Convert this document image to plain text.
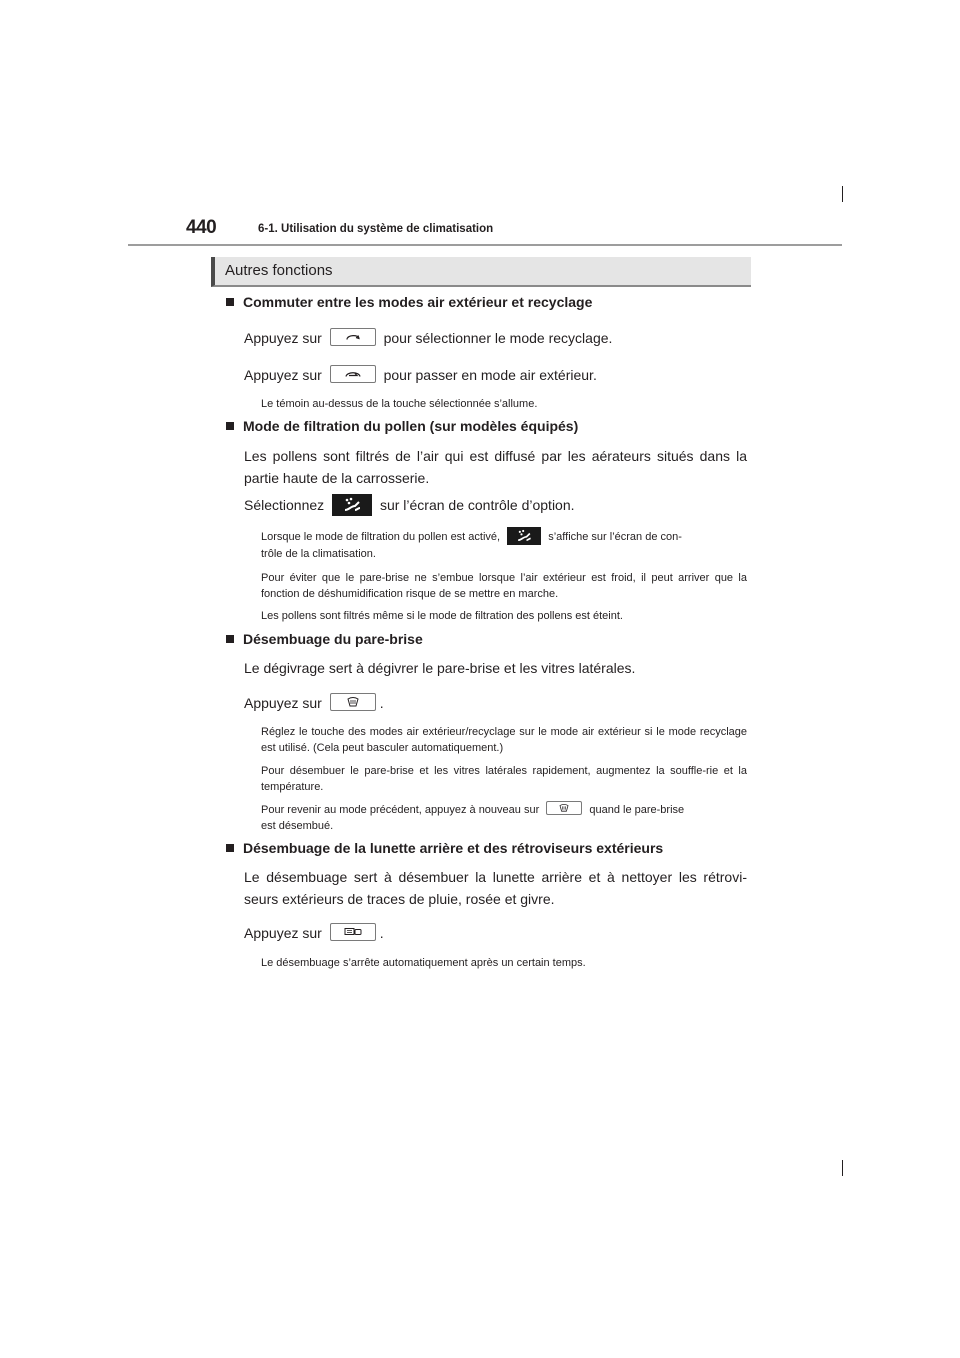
440	6-1. Utilisation du système de climatisation
Autres fonctions
Commuter entre les modes air extérieur et recyclage
Appuyez sur	pour sélectionner le mode recyclage.
Appuyez sur	pour passer en mode air extérieur.
Le témoin au-dessus de la touche sélectionnée s’allume.
Mode de filtration du pollen (sur modèles équipés)
Les pollens sont filtrés de l’air qui est diffusé par les aérateurs situés dans la partie haute de la carrosserie.
Sélectionnez	sur l’écran de contrôle d’option.
Lorsque le mode de filtration du pollen est activé,	s’affiche sur l’écran de con-
trôle de la climatisation.
Pour éviter que le pare-brise ne s’embue lorsque l’air extérieur est froid, il peut arriver que la fonction de déshumidification risque de se mettre en marche.
Les pollens sont filtrés même si le mode de filtration des pollens est éteint.
Désembuage du pare-brise
Le dégivrage sert à dégivrer le pare-brise et les vitres latérales.
Appuyez sur	.
Réglez le touche des modes air extérieur/recyclage sur le mode air extérieur si le mode recyclage est utilisé. (Cela peut basculer automatiquement.)
Pour désembuer le pare-brise et les vitres latérales rapidement, augmentez la souffle-rie et la température.
Pour revenir au mode précédent, appuyez à nouveau sur	quand le pare-brise
est désembué.
Désembuage de la lunette arrière et des rétroviseurs extérieurs
Le désembuage sert à désembuer la lunette arrière et à nettoyer les rétrovi-seurs extérieurs de traces de pluie, rosée et givre.
Appuyez sur	.
Le désembuage s’arrête automatiquement après un certain temps.
